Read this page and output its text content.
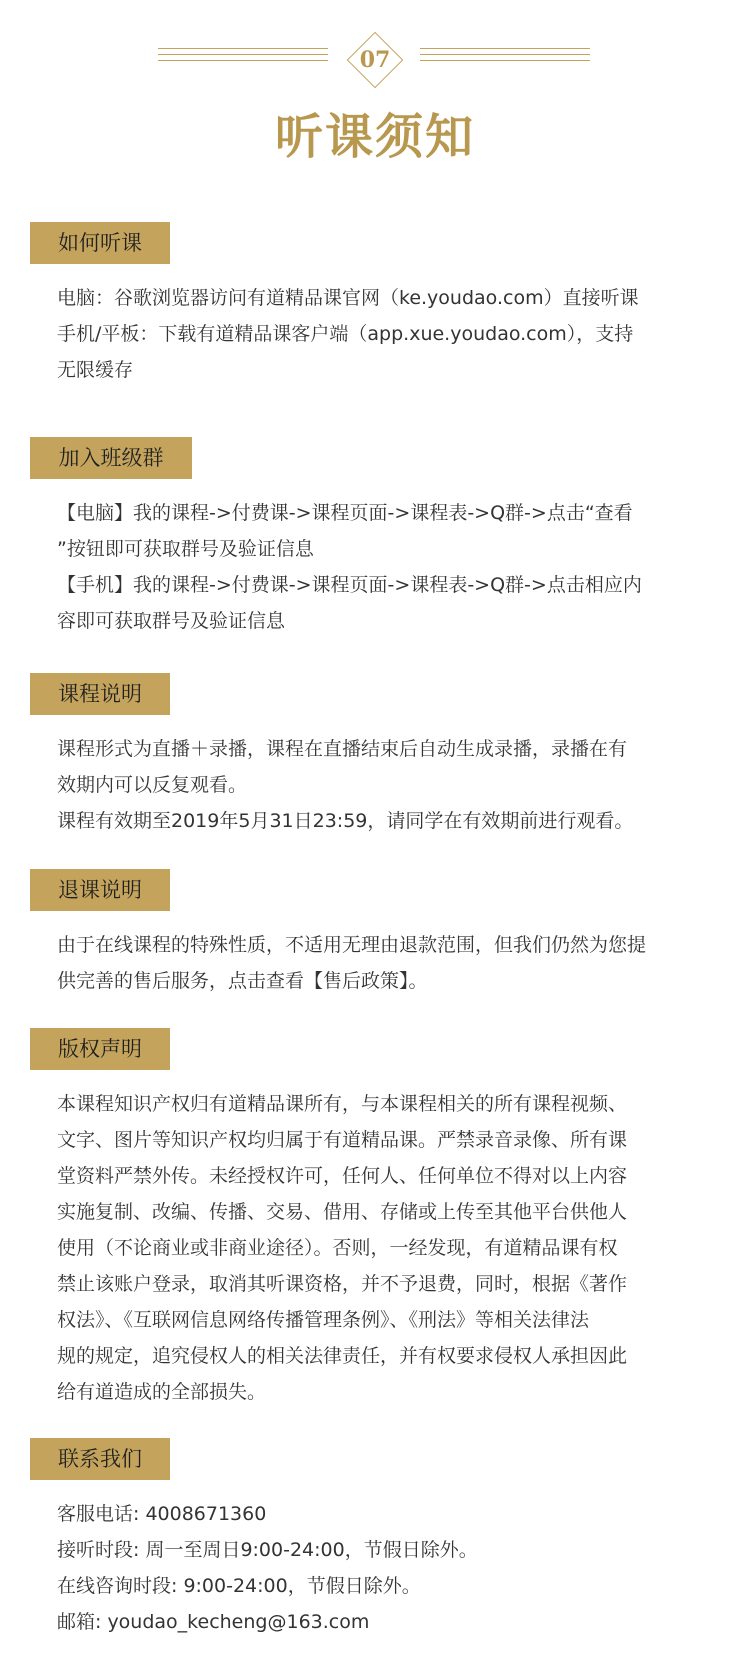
07
听课须知
如何听课

电脑：谷歌浏览器访问有道精品课官网（ke.youdao.com）直接听课

手机/平板：下载有道精品课客户端（app.xue.youdao.com），支持

无限缓存

加入班级群

【电脑】我的课程->付费课->课程页面->课程表->Q群->点击“查看

”按钮即可获取群号及验证信息

【手机】我的课程->付费课->课程页面->课程表->Q群->点击相应内

容即可获取群号及验证信息

课程说明

课程形式为直播＋录播，课程在直播结束后自动生成录播，录播在有

效期内可以反复观看。

课程有效期至2019年5月31日23:59，请同学在有效期前进行观看。

退课说明

由于在线课程的特殊性质，不适用无理由退款范围，但我们仍然为您提

供完善的售后服务，点击查看【售后政策】。

版权声明

本课程知识产权归有道精品课所有，与本课程相关的所有课程视频、

文字、图片等知识产权均归属于有道精品课。严禁录音录像、所有课

堂资料严禁外传。未经授权许可，任何人、任何单位不得对以上内容

实施复制、改编、传播、交易、借用、存储或上传至其他平台供他人

使用（不论商业或非商业途径）。否则，一经发现，有道精品课有权

禁止该账户登录，取消其听课资格，并不予退费，同时，根据《著作

权法》、《互联网信息网络传播管理条例》、《刑法》等相关法律法

规的规定，追究侵权人的相关法律责任，并有权要求侵权人承担因此

给有道造成的全部损失。

联系我们

客服电话: 4008671360

接听时段: 周一至周日9:00-24:00，节假日除外。

在线咨询时段: 9:00-24:00，节假日除外。

邮箱: youdao_kecheng@163.com
